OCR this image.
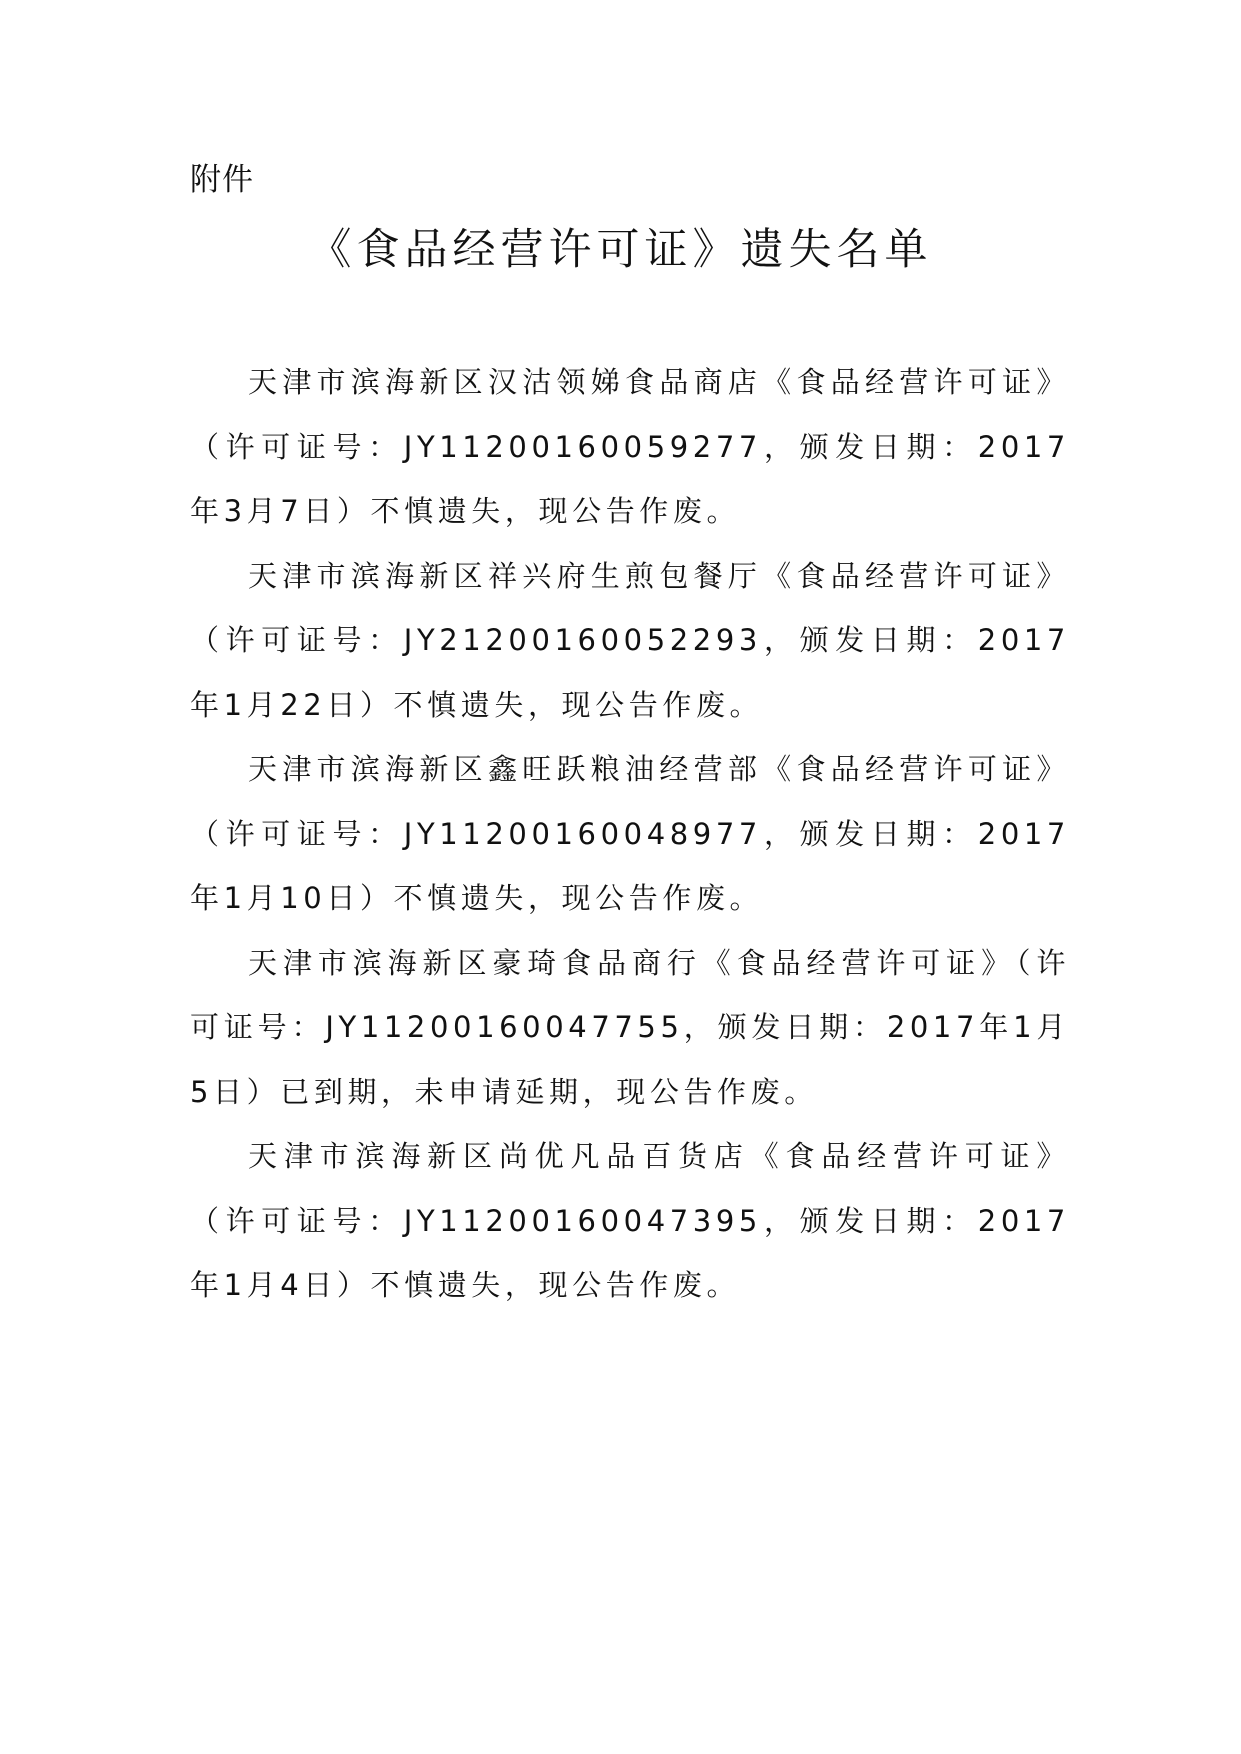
附件
《食品经营许可证》遗失名单

天津市滨海新区汉沽领娣食品商店《食品经营许可证》（许可证号：JY11200160059277，颁发日期：2017年3月7日）不慎遗失，现公告作废。

天津市滨海新区祥兴府生煎包餐厅《食品经营许可证》（许可证号：JY21200160052293，颁发日期：2017年1月22日）不慎遗失，现公告作废。

天津市滨海新区鑫旺跃粮油经营部《食品经营许可证》（许可证号：JY11200160048977，颁发日期：2017年1月10日）不慎遗失，现公告作废。

天津市滨海新区豪琦食品商行《食品经营许可证》（许可证号：JY11200160047755，颁发日期：2017年1月5日）已到期，未申请延期，现公告作废。

天津市滨海新区尚优凡品百货店《食品经营许可证》（许可证号：JY11200160047395，颁发日期：2017年1月4日）不慎遗失，现公告作废。
